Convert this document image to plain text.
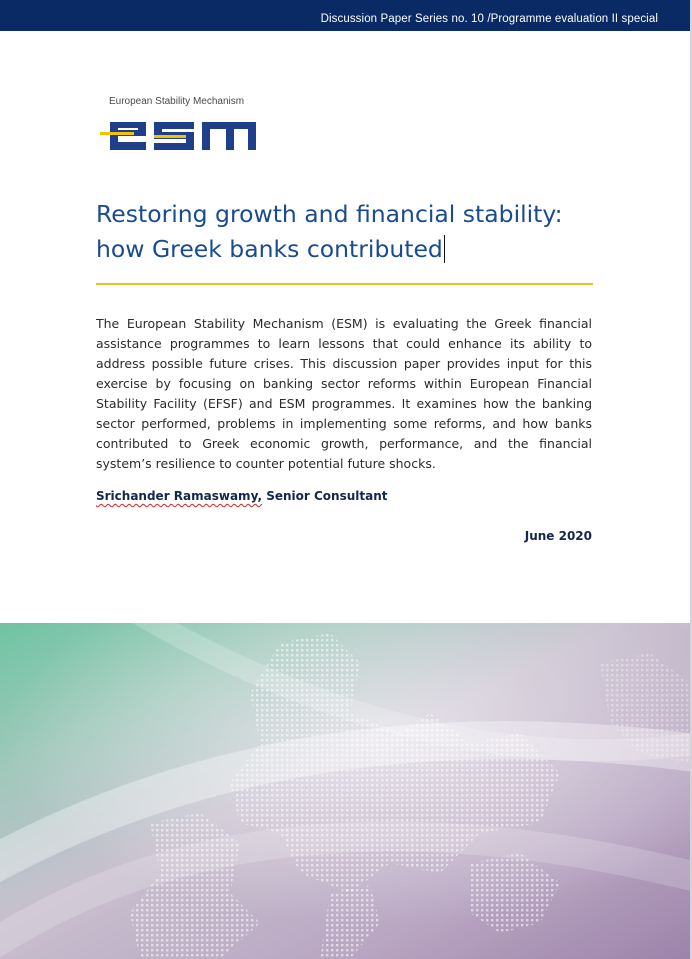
Discussion Paper Series no. 10 /Programme evaluation II special
European Stability Mechanism
Restoring growth and financial stability:
how Greek banks contributed

The European Stability Mechanism (ESM) is evaluating the Greek financial assistance programmes to learn lessons that could enhance its ability to address possible future crises. This discussion paper provides input for this exercise by focusing on banking sector reforms within European Financial Stability Facility (EFSF) and ESM programmes. It examines how the banking sector performed, problems in implementing some reforms, and how banks contributed to Greek economic growth, performance, and the financial system’s resilience to counter potential future shocks.

Srichander Ramaswamy, Senior Consultant
June 2020
